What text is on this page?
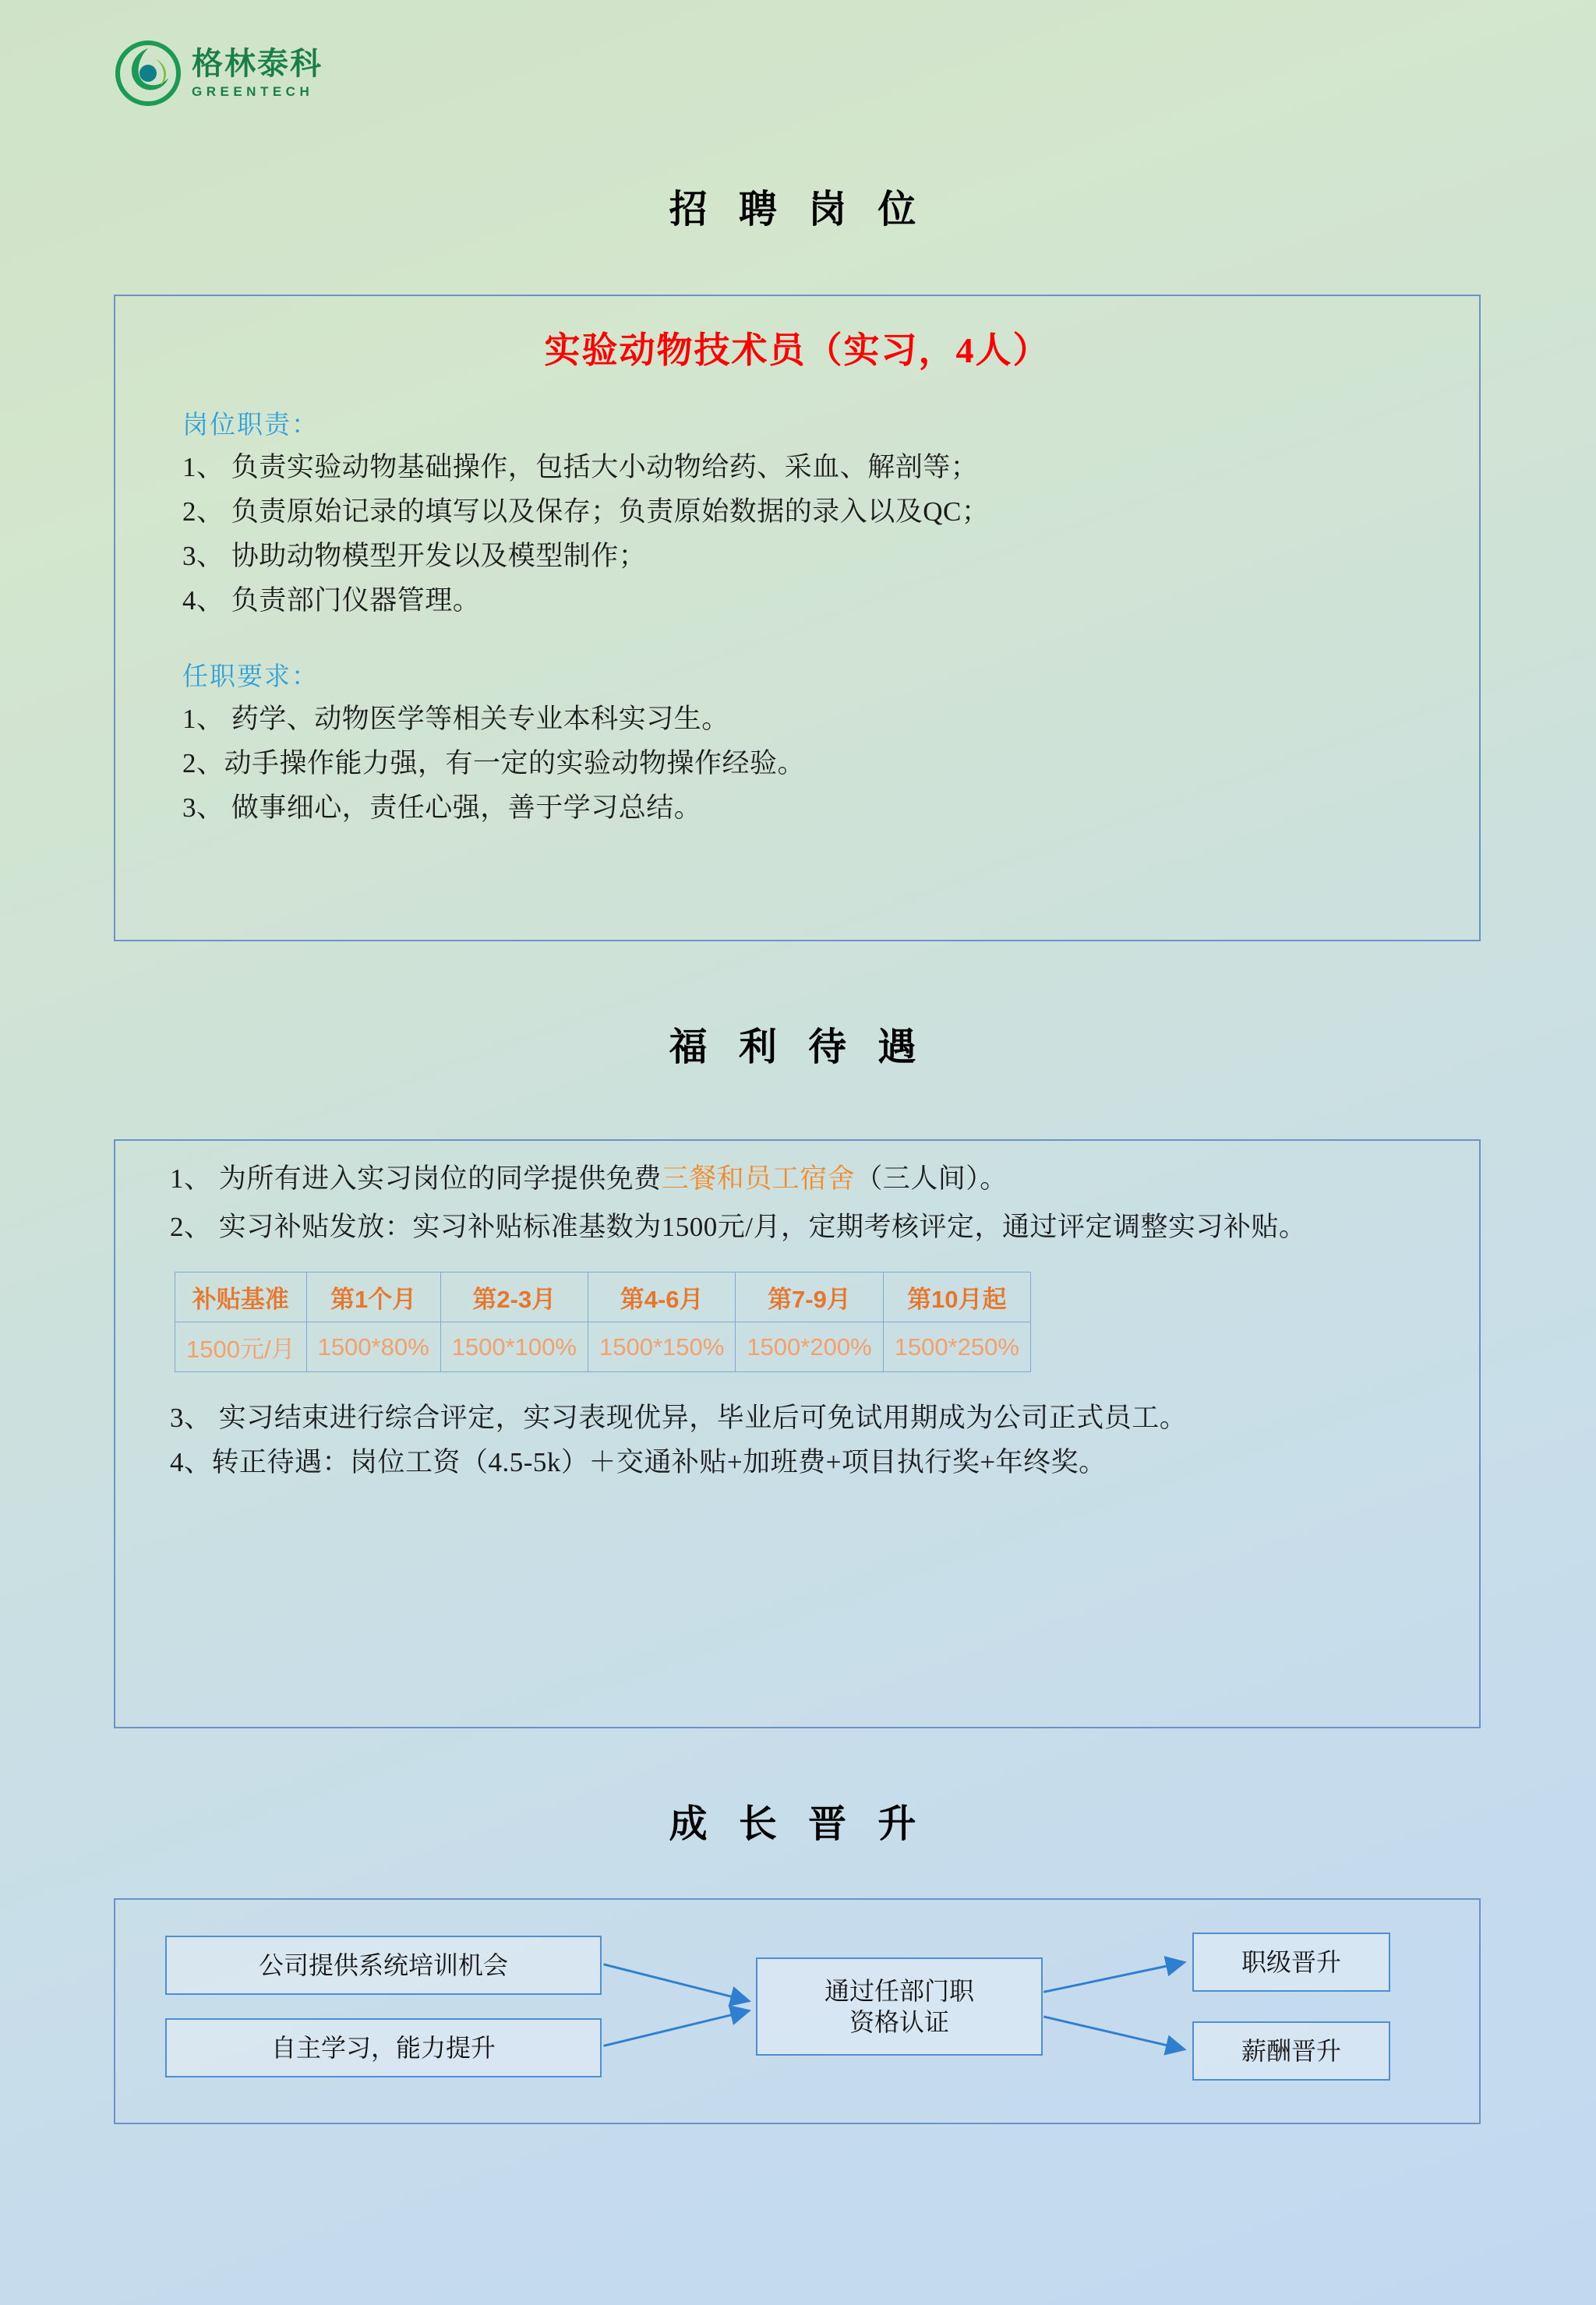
格林泰科
GREENTECH
招 聘 岗 位
实验动物技术员（实习，4人）
岗位职责：
1、 负责实验动物基础操作，包括大小动物给药、采血、解剖等；
2、 负责原始记录的填写以及保存；负责原始数据的录入以及QC；
3、 协助动物模型开发以及模型制作；
4、 负责部门仪器管理。
任职要求：
1、 药学、动物医学等相关专业本科实习生。
2、动手操作能力强，有一定的实验动物操作经验。
3、 做事细心，责任心强，善于学习总结。
福 利 待 遇
1、 为所有进入实习岗位的同学提供免费三餐和员工宿舍（三人间）。
2、 实习补贴发放：实习补贴标准基数为1500元/月，定期考核评定，通过评定调整实习补贴。
补贴基准	第1个月	第2-3月	第4-6月	第7-9月	第10月起
1500元/月	1500*80%	1500*100%	1500*150%	1500*200%	1500*250%
3、 实习结束进行综合评定，实习表现优异，毕业后可免试用期成为公司正式员工。
4、转正待遇：岗位工资（4.5-5k）＋交通补贴+加班费+项目执行奖+年终奖。
成 长 晋 升
公司提供系统培训机会
自主学习，能力提升
通过任部门职
资格认证
职级晋升
薪酬晋升
